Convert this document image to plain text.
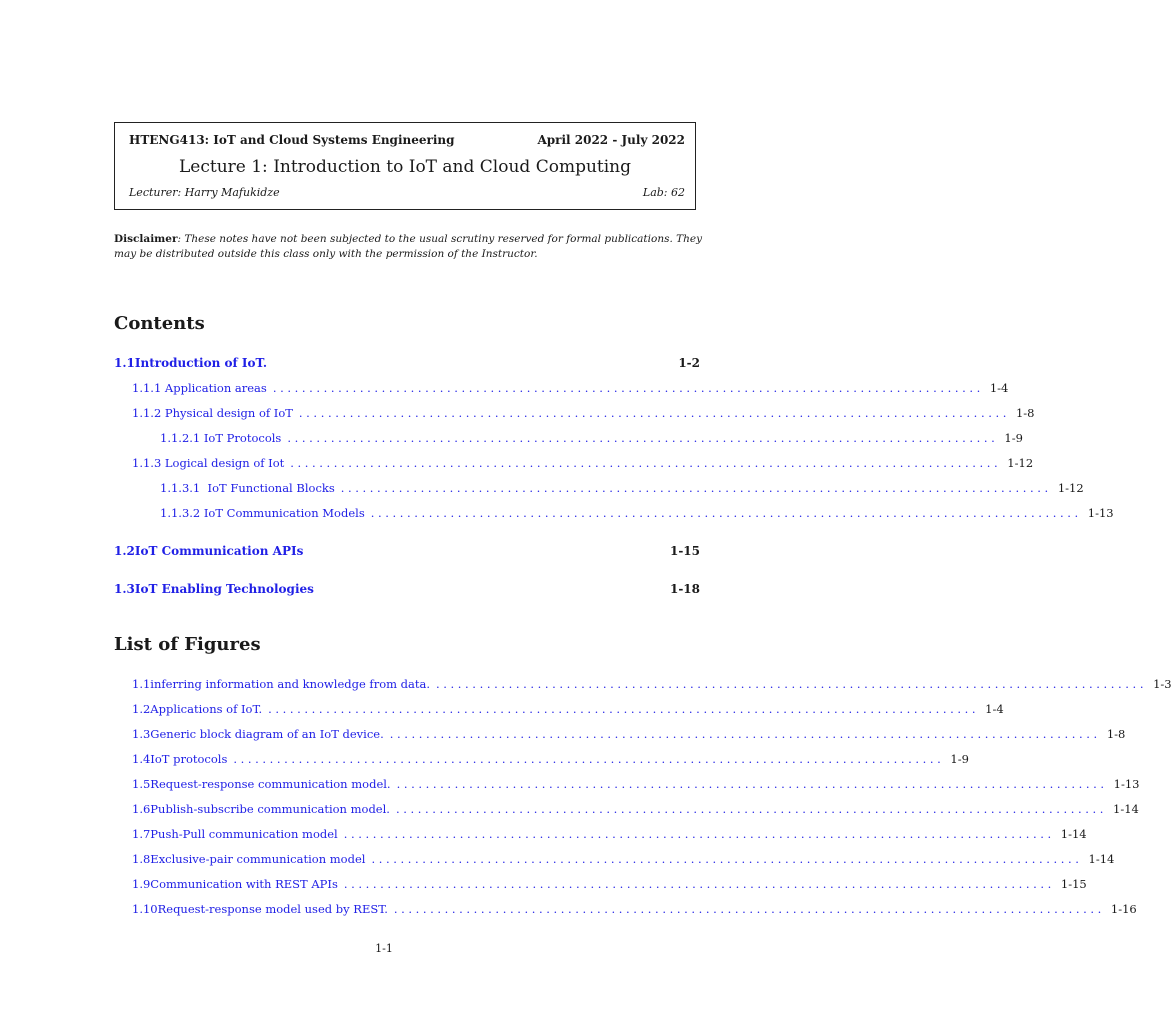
HTENG413: IoT and Cloud Systems Engineering	April 2022 - July 2022
Lecture 1: Introduction to IoT and Cloud Computing
Lecturer: Harry Mafukidze	Lab: 62
Disclaimer: These notes have not been subjected to the usual scrutiny reserved for formal publications. They may be distributed outside this class only with the permission of the Instructor.
Contents
1.1Introduction of IoT.	1-2
1.1.1 Application areas .................................................................................................. 1-4
1.1.2 Physical design of IoT .................................................................................................. 1-8
1.1.2.1 IoT Protocols .................................................................................................. 1-9
1.1.3 Logical design of Iot .................................................................................................. 1-12
1.1.3.1  IoT Functional Blocks .................................................................................................. 1-12
1.1.3.2 IoT Communication Models .................................................................................................. 1-13
1.2IoT Communication APIs	1-15
1.3IoT Enabling Technologies	1-18
List of Figures
1.1 inferring information and knowledge from data. .................................................................................................. 1-3
1.2 Applications of IoT. .................................................................................................. 1-4
1.3 Generic block diagram of an IoT device. .................................................................................................. 1-8
1.4 IoT protocols .................................................................................................. 1-9
1.5 Request-response communication model. .................................................................................................. 1-13
1.6 Publish-subscribe communication model. .................................................................................................. 1-14
1.7 Push-Pull communication model .................................................................................................. 1-14
1.8 Exclusive-pair communication model .................................................................................................. 1-14
1.9 Communication with REST APIs .................................................................................................. 1-15
1.10 Request-response model used by REST. .................................................................................................. 1-16
1-1
